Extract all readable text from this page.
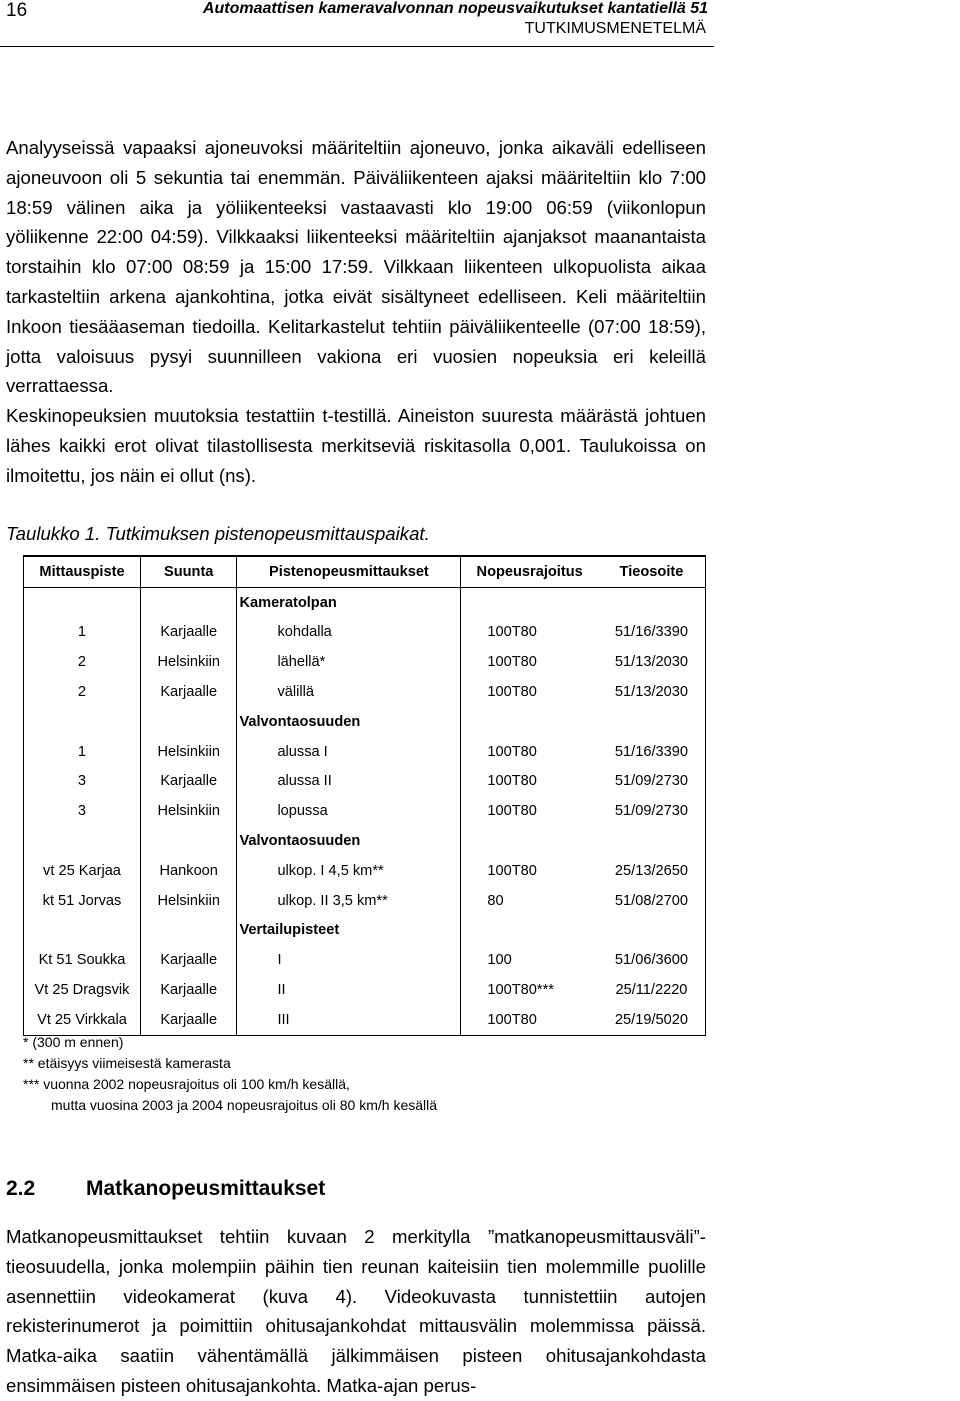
16	Automaattisen kameravalvonnan nopeusvaikutukset kantatiellä 51
TUTKIMUSMENETELMÄ

Analyyseissä vapaaksi ajoneuvoksi määriteltiin ajoneuvo, jonka aikaväli edelliseen ajoneuvoon oli 5 sekuntia tai enemmän. Päiväliikenteen ajaksi määriteltiin klo 7:00 18:59 välinen aika ja yöliikenteeksi vastaavasti klo 19:00 06:59 (viikonlopun yöliikenne 22:00 04:59). Vilkkaaksi liikenteeksi määriteltiin ajanjaksot maanantaista torstaihin klo 07:00 08:59 ja 15:00 17:59. Vilkkaan liikenteen ulkopuolista aikaa tarkasteltiin arkena ajankohtina, jotka eivät sisältyneet edelliseen. Keli määriteltiin Inkoon tiesääaseman tiedoilla. Kelitarkastelut tehtiin päiväliikenteelle (07:00 18:59), jotta valoisuus pysyi suunnilleen vakiona eri vuosien nopeuksia eri keleillä verrattaessa.

Keskinopeuksien muutoksia testattiin t-testillä. Aineiston suuresta määrästä johtuen lähes kaikki erot olivat tilastollisesta merkitseviä riskitasolla 0,001. Taulukoissa on ilmoitettu, jos näin ei ollut (ns).

Taulukko 1. Tutkimuksen pistenopeusmittauspaikat.
Mittauspiste	Suunta	Pistenopeusmittaukset	Nopeusrajoitus	Tieosoite
		Kameratolpan		
1	Karjaalle	kohdalla	100T80	51/16/3390
2	Helsinkiin	lähellä*	100T80	51/13/2030
2	Karjaalle	välillä	100T80	51/13/2030
		Valvontaosuuden		
1	Helsinkiin	alussa I	100T80	51/16/3390
3	Karjaalle	alussa II	100T80	51/09/2730
3	Helsinkiin	lopussa	100T80	51/09/2730
		Valvontaosuuden		
vt 25 Karjaa	Hankoon	ulkop. I 4,5 km**	100T80	25/13/2650
kt 51 Jorvas	Helsinkiin	ulkop. II 3,5 km**	80	51/08/2700
		Vertailupisteet		
Kt 51 Soukka	Karjaalle	I	100	51/06/3600
Vt 25 Dragsvik	Karjaalle	II	100T80***	25/11/2220
Vt 25 Virkkala	Karjaalle	III	100T80	25/19/5020
* (300 m ennen)
** etäisyys viimeisestä kamerasta
*** vuonna 2002 nopeusrajoitus oli 100 km/h kesällä,
mutta vuosina 2003 ja 2004 nopeusrajoitus oli 80 km/h kesällä
2.2 Matkanopeusmittaukset

Matkanopeusmittaukset tehtiin kuvaan 2 merkitylla ”matkanopeusmittausväli”-tieosuudella, jonka molempiin päihin tien reunan kaiteisiin tien molemmille puolille asennettiin videokamerat (kuva 4). Videokuvasta tunnistettiin autojen rekisterinumerot ja poimittiin ohitusajankohdat mittausvälin molemmissa päissä. Matka-aika saatiin vähentämällä jälkimmäisen pisteen ohitusajankohdasta ensimmäisen pisteen ohitusajankohta. Matka-ajan perus-
